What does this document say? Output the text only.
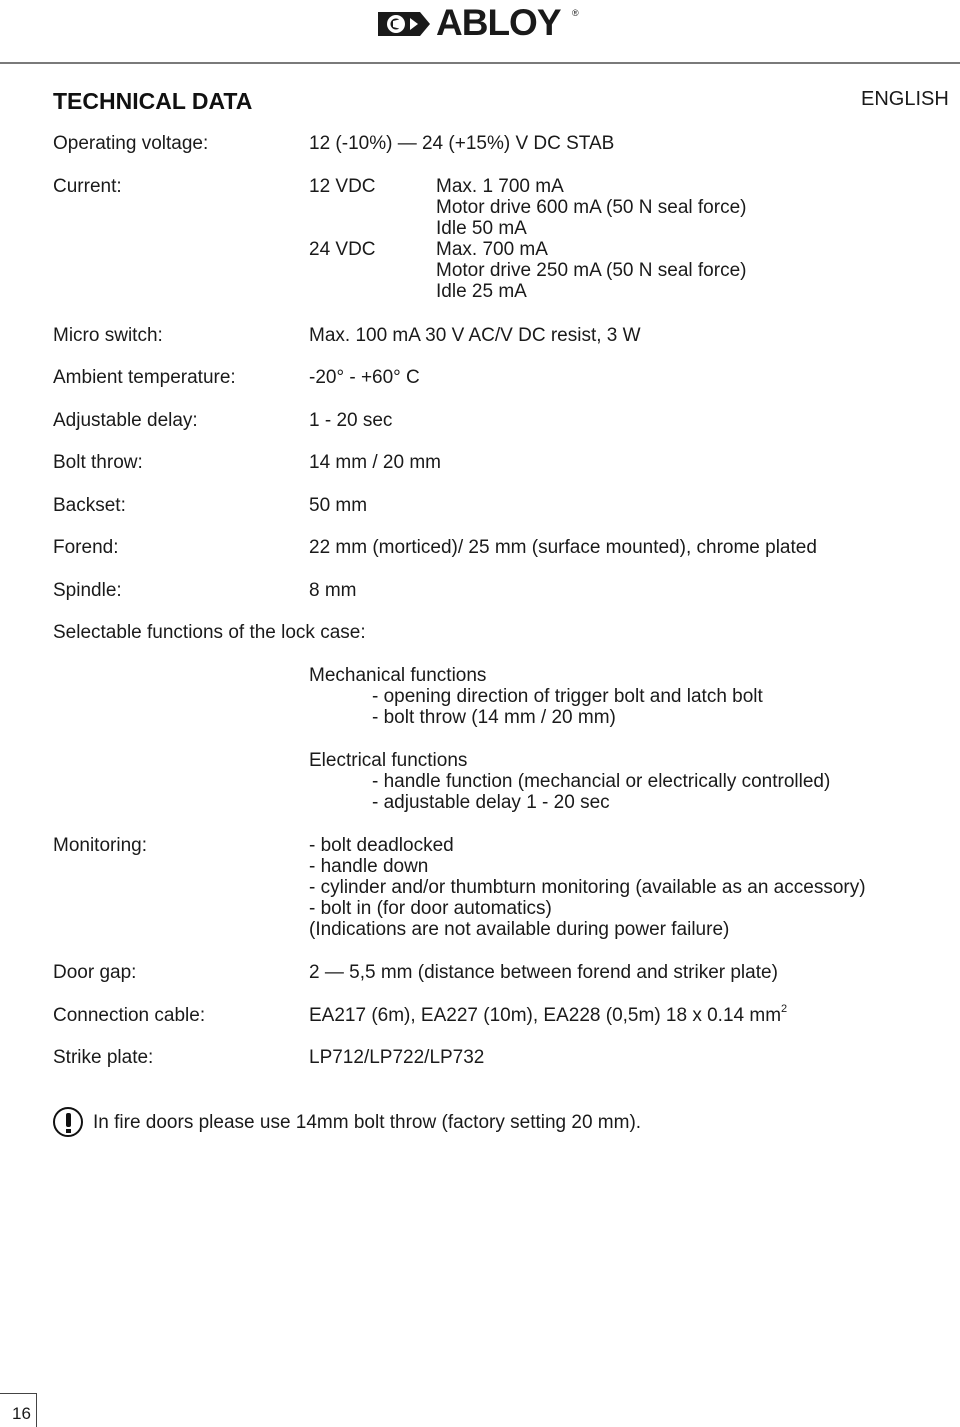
ABLOY ®
TECHNICAL DATA	ENGLISH
Operating voltage:	12 (-10%) — 24 (+15%) V DC STAB
Current:	12 VDC	Max. 1 700 mA
Motor drive 600 mA (50 N seal force)
Idle 50 mA
24 VDC	Max. 700 mA
Motor drive 250 mA (50 N seal force)
Idle 25 mA
Micro switch:	Max. 100 mA 30 V AC/V DC resist, 3 W
Ambient temperature:	-20° - +60° C
Adjustable delay:	1 - 20 sec
Bolt throw:	14 mm / 20 mm
Backset:	50 mm
Forend:	22 mm (morticed)/ 25 mm (surface mounted), chrome plated
Spindle:	8 mm
Selectable functions of the lock case:
Mechanical functions
- opening direction of trigger bolt and latch bolt
- bolt throw (14 mm / 20 mm)
Electrical functions
- handle function (mechancial or electrically controlled)
- adjustable delay 1 - 20 sec
Monitoring:	- bolt deadlocked
- handle down
- cylinder and/or thumbturn monitoring (available as an accessory)
- bolt in (for door automatics)
(Indications are not available during power failure)
Door gap:	2 — 5,5 mm (distance between forend and striker plate)
Connection cable:	EA217 (6m), EA227 (10m), EA228 (0,5m) 18 x 0.14 $mm^2$
Strike plate:	LP712/LP722/LP732
In fire doors please use 14mm bolt throw (factory setting 20 mm).
16
